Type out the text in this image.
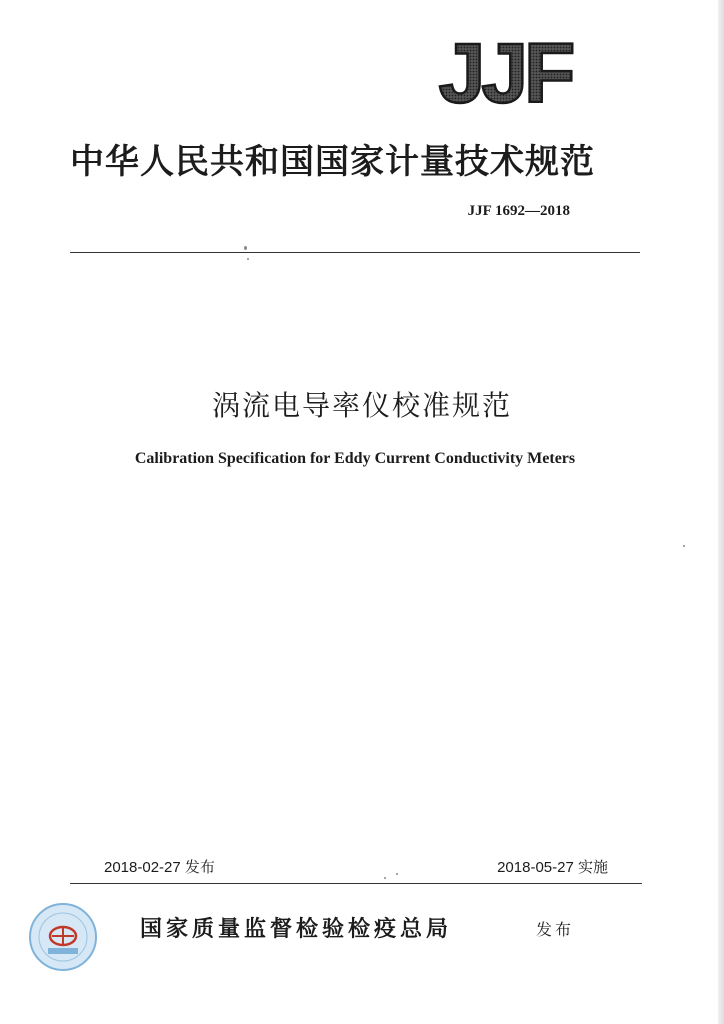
JJF
中华人民共和国国家计量技术规范
JJF 1692—2018
涡流电导率仪校准规范
Calibration Specification for Eddy Current Conductivity Meters
2018-02-27 发布	2018-05-27 实施
国家质量监督检验检疫总局	发布
